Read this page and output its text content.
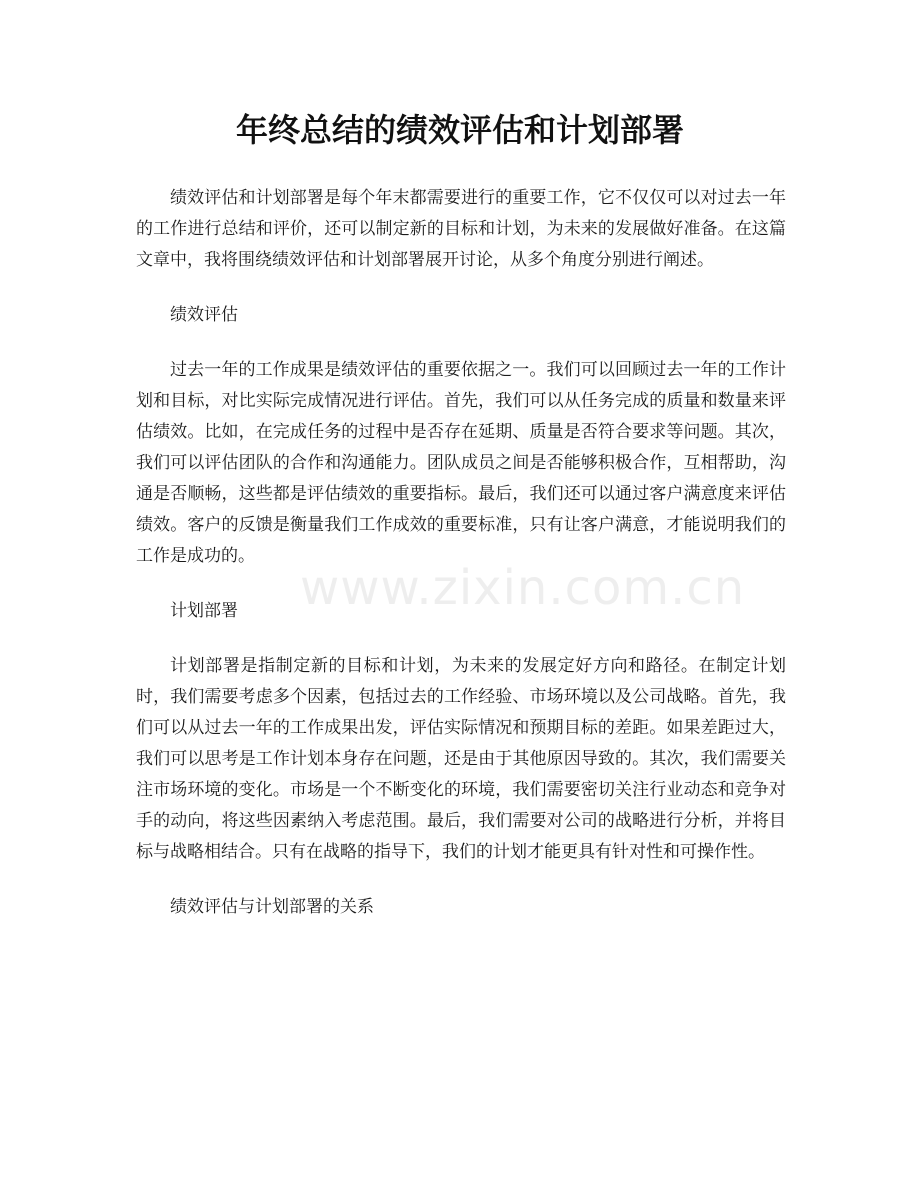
年终总结的绩效评估和计划部署

绩效评估和计划部署是每个年末都需要进行的重要工作，它不仅仅可以对过去一年的工作进行总结和评价，还可以制定新的目标和计划，为未来的发展做好准备。在这篇文章中，我将围绕绩效评估和计划部署展开讨论，从多个角度分别进行阐述。

绩效评估

过去一年的工作成果是绩效评估的重要依据之一。我们可以回顾过去一年的工作计划和目标，对比实际完成情况进行评估。首先，我们可以从任务完成的质量和数量来评估绩效。比如，在完成任务的过程中是否存在延期、质量是否符合要求等问题。其次，我们可以评估团队的合作和沟通能力。团队成员之间是否能够积极合作，互相帮助，沟通是否顺畅，这些都是评估绩效的重要指标。最后，我们还可以通过客户满意度来评估绩效。客户的反馈是衡量我们工作成效的重要标准，只有让客户满意，才能说明我们的工作是成功的。

计划部署

计划部署是指制定新的目标和计划，为未来的发展定好方向和路径。在制定计划时，我们需要考虑多个因素，包括过去的工作经验、市场环境以及公司战略。首先，我们可以从过去一年的工作成果出发，评估实际情况和预期目标的差距。如果差距过大，我们可以思考是工作计划本身存在问题，还是由于其他原因导致的。其次，我们需要关注市场环境的变化。市场是一个不断变化的环境，我们需要密切关注行业动态和竞争对手的动向，将这些因素纳入考虑范围。最后，我们需要对公司的战略进行分析，并将目标与战略相结合。只有在战略的指导下，我们的计划才能更具有针对性和可操作性。

绩效评估与计划部署的关系

www.zixin.com.cn
